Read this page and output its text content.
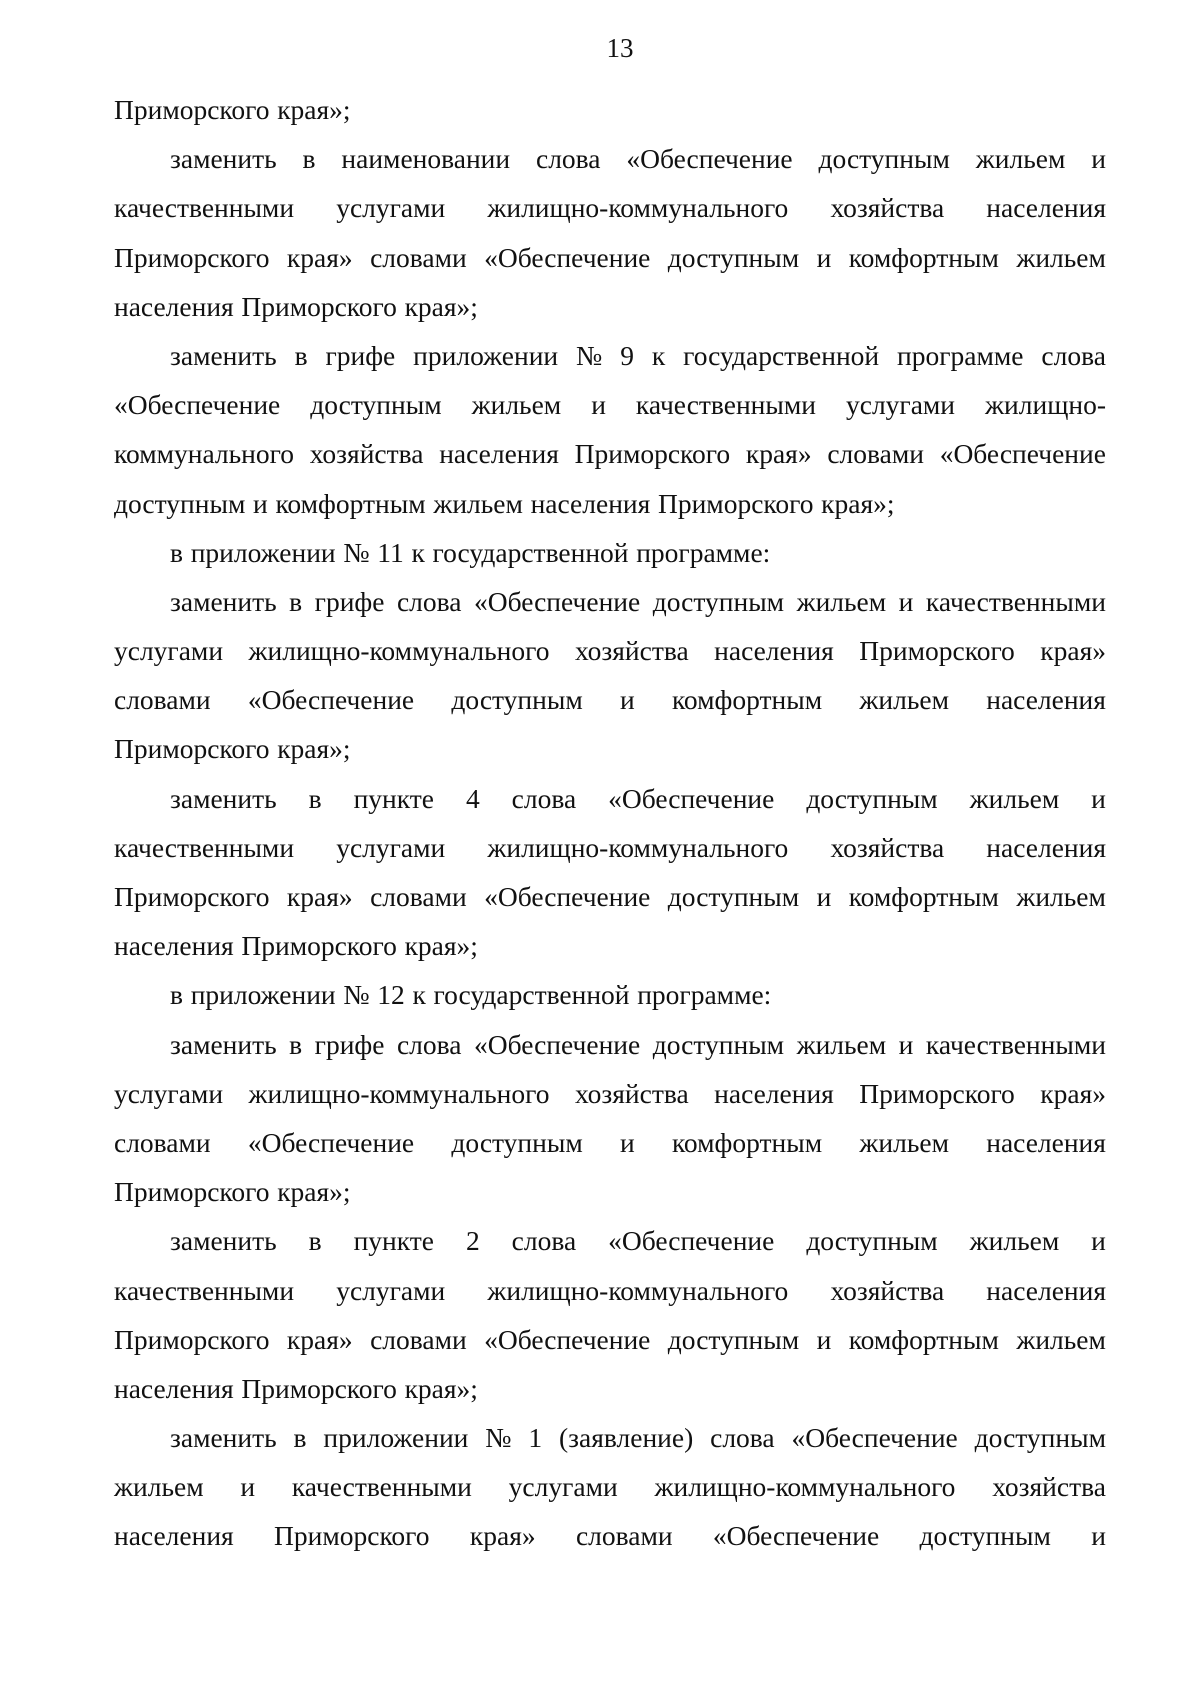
13
Приморского края»;
заменить в наименовании слова «Обеспечение доступным жильем и
качественными услугами жилищно-коммунального хозяйства населения
Приморского края» словами «Обеспечение доступным и комфортным жильем
населения Приморского края»;
заменить в грифе приложении № 9 к государственной программе слова
«Обеспечение доступным жильем и качественными услугами жилищно-
коммунального хозяйства населения Приморского края» словами «Обеспечение
доступным и комфортным жильем населения Приморского края»;
в приложении № 11 к государственной программе:
заменить в грифе слова «Обеспечение доступным жильем и качественными
услугами жилищно-коммунального хозяйства населения Приморского края»
словами «Обеспечение доступным и комфортным жильем населения
Приморского края»;
заменить в пункте 4 слова «Обеспечение доступным жильем и
качественными услугами жилищно-коммунального хозяйства населения
Приморского края» словами «Обеспечение доступным и комфортным жильем
населения Приморского края»;
в приложении № 12 к государственной программе:
заменить в грифе слова «Обеспечение доступным жильем и качественными
услугами жилищно-коммунального хозяйства населения Приморского края»
словами «Обеспечение доступным и комфортным жильем населения
Приморского края»;
заменить в пункте 2 слова «Обеспечение доступным жильем и
качественными услугами жилищно-коммунального хозяйства населения
Приморского края» словами «Обеспечение доступным и комфортным жильем
населения Приморского края»;
заменить в приложении № 1 (заявление) слова «Обеспечение доступным
жильем и качественными услугами жилищно-коммунального хозяйства
населения Приморского края» словами «Обеспечение доступным и
